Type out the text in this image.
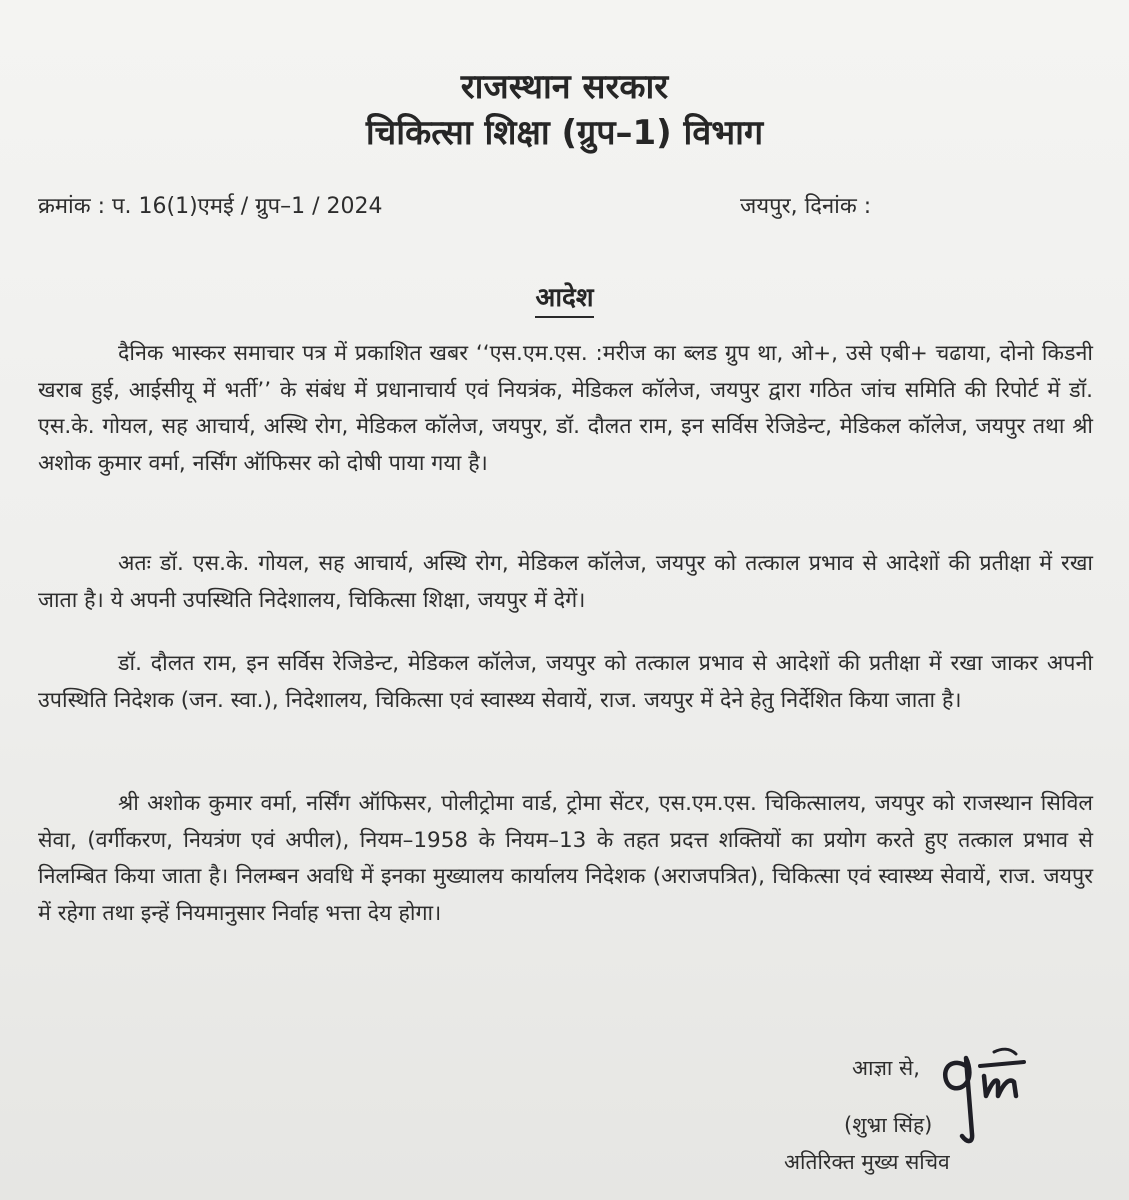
राजस्थान सरकार
चिकित्सा शिक्षा (ग्रुप–1) विभाग
क्रमांक : प. 16(1)एमई / ग्रुप–1 / 2024	जयपुर, दिनांक :
आदेश

दैनिक भास्कर समाचार पत्र में प्रकाशित खबर ‘‘एस.एम.एस. :मरीज का ब्लड ग्रुप था, ओ+, उसे एबी+ चढाया, दोनो किडनी खराब हुई, आईसीयू में भर्ती’’ के संबंध में प्रधानाचार्य एवं नियत्रंक, मेडिकल कॉलेज, जयपुर द्वारा गठित जांच समिति की रिपोर्ट में डॉ. एस.के. गोयल, सह आचार्य, अस्थि रोग, मेडिकल कॉलेज, जयपुर, डॉ. दौलत राम, इन सर्विस रेजिडेन्ट, मेडिकल कॉलेज, जयपुर तथा श्री अशोक कुमार वर्मा, नर्सिंग ऑफिसर को दोषी पाया गया है।

अतः डॉ. एस.के. गोयल, सह आचार्य, अस्थि रोग, मेडिकल कॉलेज, जयपुर को तत्काल प्रभाव से आदेशों की प्रतीक्षा में रखा जाता है। ये अपनी उपस्थिति निदेशालय, चिकित्सा शिक्षा, जयपुर में देगें।

डॉ. दौलत राम, इन सर्विस रेजिडेन्ट, मेडिकल कॉलेज, जयपुर को तत्काल प्रभाव से आदेशों की प्रतीक्षा में रखा जाकर अपनी उपस्थिति निदेशक (जन. स्वा.), निदेशालय, चिकित्सा एवं स्वास्थ्य सेवायें, राज. जयपुर में देने हेतु निर्देशित किया जाता है।

श्री अशोक कुमार वर्मा, नर्सिंग ऑफिसर, पोलीट्रोमा वार्ड, ट्रोमा सेंटर, एस.एम.एस. चिकित्सालय, जयपुर को राजस्थान सिविल सेवा, (वर्गीकरण, नियत्रंण एवं अपील), नियम–1958 के नियम–13 के तहत प्रदत्त शक्तियों का प्रयोग करते हुए तत्काल प्रभाव से निलम्बित किया जाता है। निलम्बन अवधि में इनका मुख्यालय कार्यालय निदेशक (अराजपत्रित), चिकित्सा एवं स्वास्थ्य सेवायें, राज. जयपुर में रहेगा तथा इन्हें नियमानुसार निर्वाह भत्ता देय होगा।

आज्ञा से,
(शुभ्रा सिंह)
अतिरिक्त मुख्य सचिव
